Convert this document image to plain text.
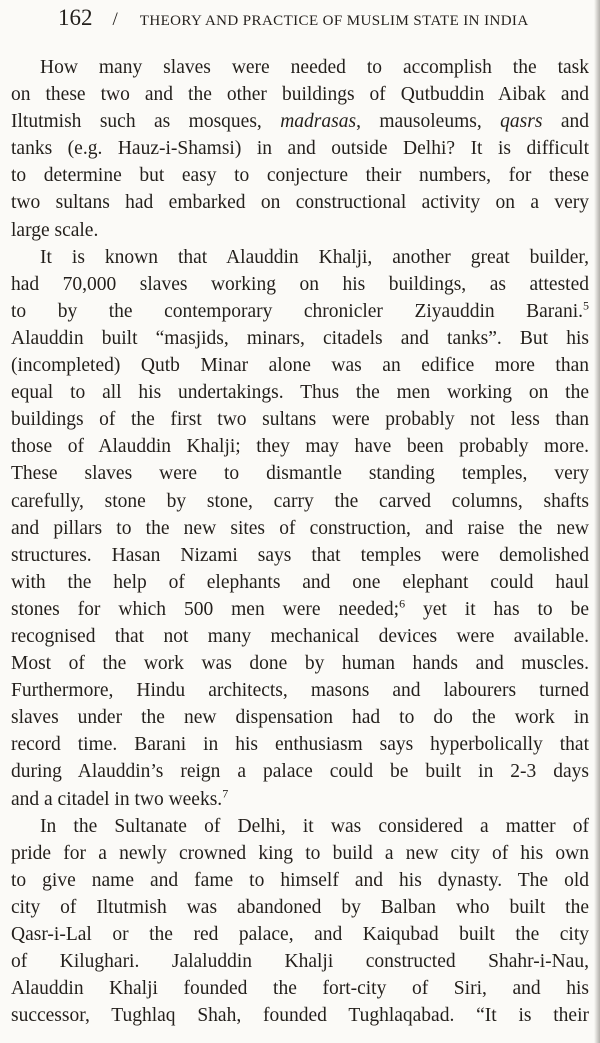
162 / THEORY AND PRACTICE OF MUSLIM STATE IN INDIA
How many slaves were needed to accomplish the task
on these two and the other buildings of Qutbuddin Aibak and
Iltutmish such as mosques, madrasas, mausoleums, qasrs and
tanks (e.g. Hauz-i-Shamsi) in and outside Delhi? It is difficult
to determine but easy to conjecture their numbers, for these
two sultans had embarked on constructional activity on a very
large scale.
It is known that Alauddin Khalji, another great builder,
had 70,000 slaves working on his buildings, as attested
to by the contemporary chronicler Ziyauddin Barani.$^5$
Alauddin built “masjids, minars, citadels and tanks”. But his
(incompleted) Qutb Minar alone was an edifice more than
equal to all his undertakings. Thus the men working on the
buildings of the first two sultans were probably not less than
those of Alauddin Khalji; they may have been probably more.
These slaves were to dismantle standing temples, very
carefully, stone by stone, carry the carved columns, shafts
and pillars to the new sites of construction, and raise the new
structures. Hasan Nizami says that temples were demolished
with the help of elephants and one elephant could haul
stones for which 500 men were needed;$^6$ yet it has to be
recognised that not many mechanical devices were available.
Most of the work was done by human hands and muscles.
Furthermore, Hindu architects, masons and labourers turned
slaves under the new dispensation had to do the work in
record time. Barani in his enthusiasm says hyperbolically that
during Alauddin’s reign a palace could be built in 2-3 days
and a citadel in two weeks.$^7$
In the Sultanate of Delhi, it was considered a matter of
pride for a newly crowned king to build a new city of his own
to give name and fame to himself and his dynasty. The old
city of Iltutmish was abandoned by Balban who built the
Qasr-i-Lal or the red palace, and Kaiqubad built the city
of Kilughari. Jalaluddin Khalji constructed Shahr-i-Nau,
Alauddin Khalji founded the fort-city of Siri, and his
successor, Tughlaq Shah, founded Tughlaqabad. “It is their
